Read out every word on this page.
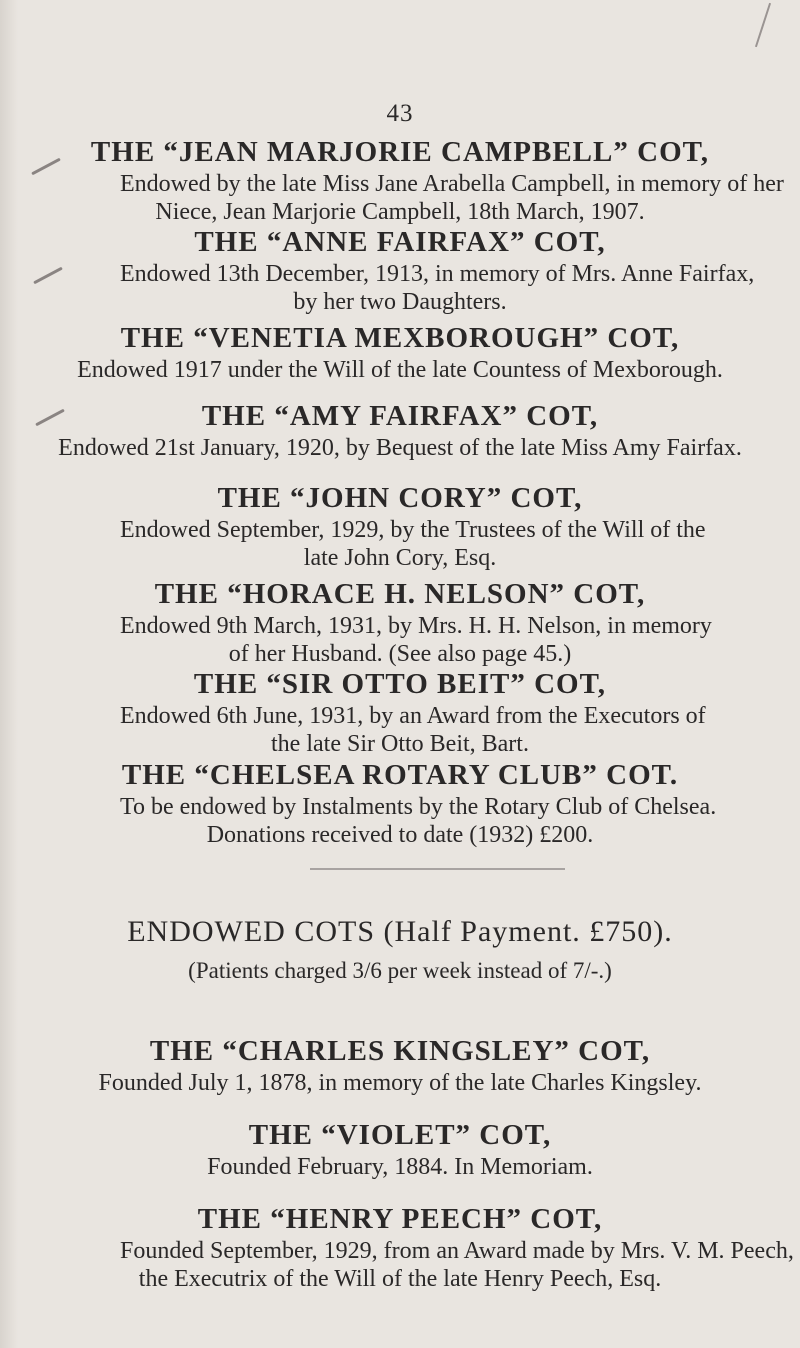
43
THE “JEAN MARJORIE CAMPBELL” COT,
Endowed by the late Miss Jane Arabella Campbell, in memory of her
Niece, Jean Marjorie Campbell, 18th March, 1907.
THE “ANNE FAIRFAX” COT,
Endowed 13th December, 1913, in memory of Mrs. Anne Fairfax,
by her two Daughters.
THE “VENETIA MEXBOROUGH” COT,
Endowed 1917 under the Will of the late Countess of Mexborough.
THE “AMY FAIRFAX” COT,
Endowed 21st January, 1920, by Bequest of the late Miss Amy Fairfax.
THE “JOHN CORY” COT,
Endowed September, 1929, by the Trustees of the Will of the
late John Cory, Esq.
THE “HORACE H. NELSON” COT,
Endowed 9th March, 1931, by Mrs. H. H. Nelson, in memory
of her Husband. (See also page 45.)
THE “SIR OTTO BEIT” COT,
Endowed 6th June, 1931, by an Award from the Executors of
the late Sir Otto Beit, Bart.
THE “CHELSEA ROTARY CLUB” COT.
To be endowed by Instalments by the Rotary Club of Chelsea.
Donations received to date (1932) £200.
ENDOWED COTS (Half Payment. £750).
(Patients charged 3/6 per week instead of 7/-.)
THE “CHARLES KINGSLEY” COT,
Founded July 1, 1878, in memory of the late Charles Kingsley.
THE “VIOLET” COT,
Founded February, 1884. In Memoriam.
THE “HENRY PEECH” COT,
Founded September, 1929, from an Award made by Mrs. V. M. Peech,
the Executrix of the Will of the late Henry Peech, Esq.
